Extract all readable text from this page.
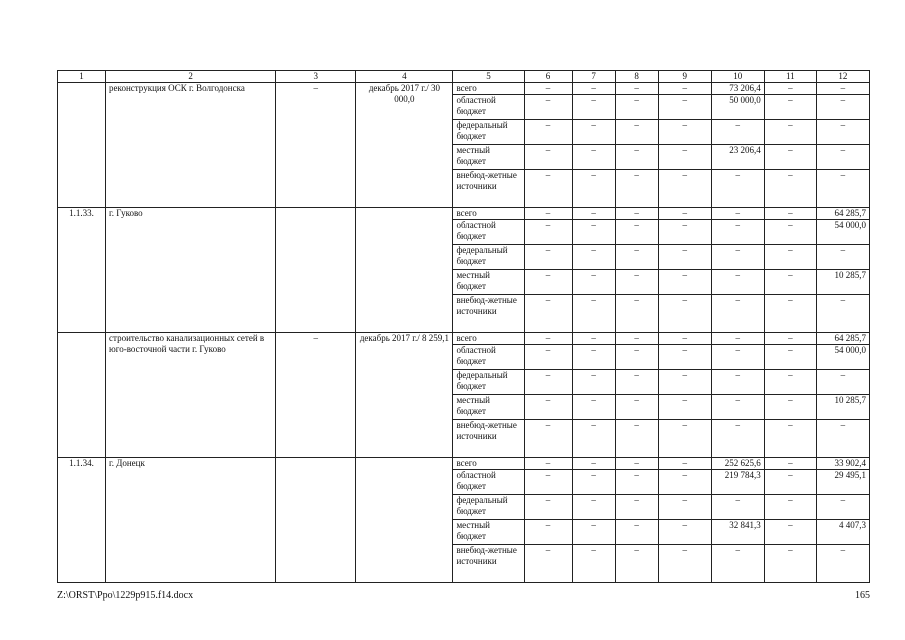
1	2	3	4	5	6	7	8	9	10	11	12
	реконструкция ОСК г. Волгодонска	–	декабрь 2017 г./ 30 000,0	всего	–	–	–	–	73 206,4	–	–
				областной бюджет	–	–	–	–	50 000,0	–	–
				федеральный бюджет	–	–	–	–	–	–	–
				местный бюджет	–	–	–	–	23 206,4	–	–
				внебюд-жетные источники	–	–	–	–	–	–	–
1.1.33.	г. Гуково			всего	–	–	–	–	–	–	64 285,7
				областной бюджет	–	–	–	–	–	–	54 000,0
				федеральный бюджет	–	–	–	–	–	–	–
				местный бюджет	–	–	–	–	–	–	10 285,7
				внебюд-жетные источники	–	–	–	–	–	–	–
	строительство канализационных сетей в юго-восточной части г. Гуково	–	декабрь 2017 г./ 8 259,1	всего	–	–	–	–	–	–	64 285,7
				областной бюджет	–	–	–	–	–	–	54 000,0
				федеральный бюджет	–	–	–	–	–	–	–
				местный бюджет	–	–	–	–	–	–	10 285,7
				внебюд-жетные источники	–	–	–	–	–	–	–
1.1.34.	г. Донецк			всего	–	–	–	–	252 625,6	–	33 902,4
				областной бюджет	–	–	–	–	219 784,3	–	29 495,1
				федеральный бюджет	–	–	–	–	–	–	–
				местный бюджет	–	–	–	–	32 841,3	–	4 407,3
				внебюд-жетные источники	–	–	–	–	–	–	–
Z:\ORST\Ppo\1229p915.f14.docx	165
